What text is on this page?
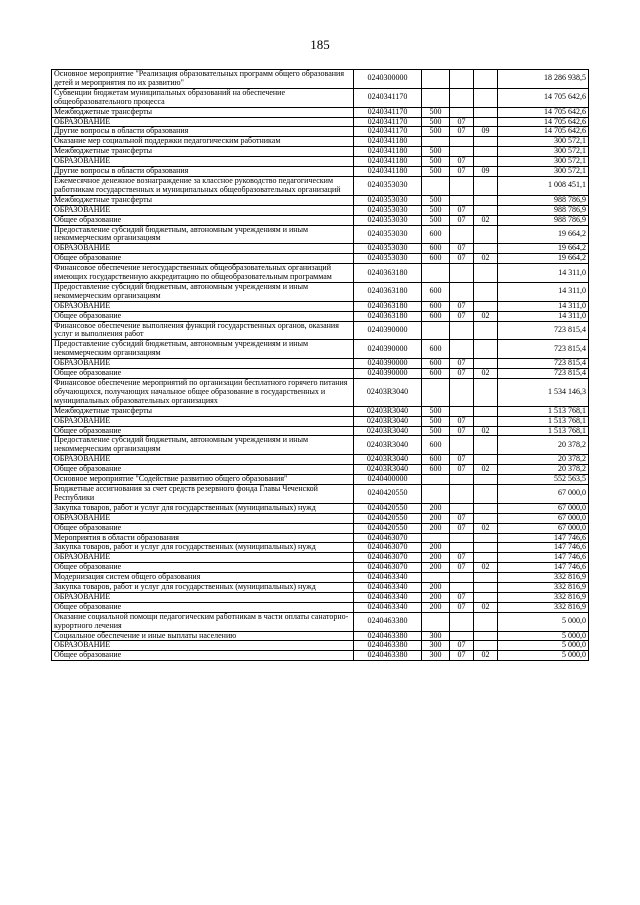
185
Основное мероприятие "Реализация образовательных программ общего образования детей и мероприятия по их развитию"	0240300000				18 286 938,5
Субвенции бюджетам муниципальных образований на обеспечение общеобразовательного процесса	0240341170				14 705 642,6
Межбюджетные трансферты	0240341170	500			14 705 642,6
ОБРАЗОВАНИЕ	0240341170	500	07		14 705 642,6
Другие вопросы в области образования	0240341170	500	07	09	14 705 642,6
Оказание мер социальной поддержки педагогическим работникам	0240341180				300 572,1
Межбюджетные трансферты	0240341180	500			300 572,1
ОБРАЗОВАНИЕ	0240341180	500	07		300 572,1
Другие вопросы в области образования	0240341180	500	07	09	300 572,1
Ежемесячное денежное вознаграждение за классное руководство педагогическим работникам государственных и муниципальных общеобразовательных организаций	0240353030				1 008 451,1
Межбюджетные трансферты	0240353030	500			988 786,9
ОБРАЗОВАНИЕ	0240353030	500	07		988 786,9
Общее образование	0240353030	500	07	02	988 786,9
Предоставление субсидий бюджетным, автономным учреждениям и иным некоммерческим организациям	0240353030	600			19 664,2
ОБРАЗОВАНИЕ	0240353030	600	07		19 664,2
Общее образование	0240353030	600	07	02	19 664,2
Финансовое обеспечение негосударственных общеобразовательных организаций имеющих государственную аккредитацию по общеобразовательным программам	0240363180				14 311,0
Предоставление субсидий бюджетным, автономным учреждениям и иным некоммерческим организациям	0240363180	600			14 311,0
ОБРАЗОВАНИЕ	0240363180	600	07		14 311,0
Общее образование	0240363180	600	07	02	14 311,0
Финансовое обеспечение выполнения функций государственных органов, оказания услуг и выполнения работ	0240390000				723 815,4
Предоставление субсидий бюджетным, автономным учреждениям и иным некоммерческим организациям	0240390000	600			723 815,4
ОБРАЗОВАНИЕ	0240390000	600	07		723 815,4
Общее образование	0240390000	600	07	02	723 815,4
Финансовое обеспечение мероприятий по организации бесплатного горячего питания обучающихся, получающих начальное общее образование в государственных и муниципальных образовательных организациях	02403R3040				1 534 146,3
Межбюджетные трансферты	02403R3040	500			1 513 768,1
ОБРАЗОВАНИЕ	02403R3040	500	07		1 513 768,1
Общее образование	02403R3040	500	07	02	1 513 768,1
Предоставление субсидий бюджетным, автономным учреждениям и иным некоммерческим организациям	02403R3040	600			20 378,2
ОБРАЗОВАНИЕ	02403R3040	600	07		20 378,2
Общее образование	02403R3040	600	07	02	20 378,2
Основное мероприятие "Содействие развитию общего образования"	0240400000				552 563,5
Бюджетные ассигнования за счет средств резервного фонда Главы Чеченской Республики	0240420550				67 000,0
Закупка товаров, работ и услуг для государственных (муниципальных) нужд	0240420550	200			67 000,0
ОБРАЗОВАНИЕ	0240420550	200	07		67 000,0
Общее образование	0240420550	200	07	02	67 000,0
Мероприятия в области образования	0240463070				147 746,6
Закупка товаров, работ и услуг для государственных (муниципальных) нужд	0240463070	200			147 746,6
ОБРАЗОВАНИЕ	0240463070	200	07		147 746,6
Общее образование	0240463070	200	07	02	147 746,6
Модернизация систем общего образования	0240463340				332 816,9
Закупка товаров, работ и услуг для государственных (муниципальных) нужд	0240463340	200			332 816,9
ОБРАЗОВАНИЕ	0240463340	200	07		332 816,9
Общее образование	0240463340	200	07	02	332 816,9
Оказание социальной помощи педагогическим работникам в части оплаты санаторно-курортного лечения	0240463380				5 000,0
Социальное обеспечение и иные выплаты населению	0240463380	300			5 000,0
ОБРАЗОВАНИЕ	0240463380	300	07		5 000,0
Общее образование	0240463380	300	07	02	5 000,0
